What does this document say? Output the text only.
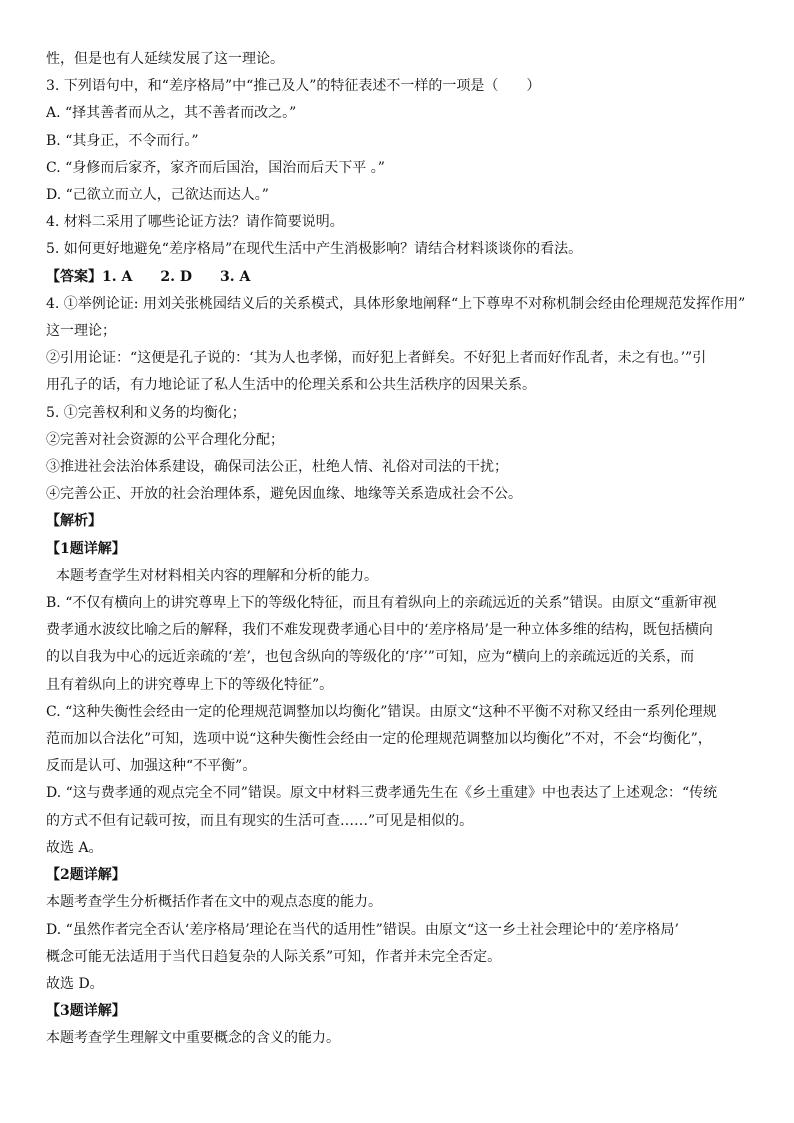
性，但是也有人延续发展了这一理论。

3. 下列语句中，和“差序格局”中“推己及人”的特征表述不一样的一项是（　　）

A. “择其善者而从之，其不善者而改之。”

B. “其身正，不令而行。”

C. “身修而后家齐，家齐而后国治，国治而后天下平 。”

D. “己欲立而立人，己欲达而达人。”

4. 材料二采用了哪些论证方法？请作简要说明。

5. 如何更好地避免“差序格局”在现代生活中产生消极影响？请结合材料谈谈你的看法。

【答案】1. A　　2. D　　3. A

4. ①举例论证: 用刘关张桃园结义后的关系模式，具体形象地阐释“上下尊卑不对称机制会经由伦理规范发挥作用”

这一理论；

②引用论证：“这便是孔子说的：‘其为人也孝悌，而好犯上者鲜矣。不好犯上者而好作乱者，未之有也。’”引

用孔子的话，有力地论证了私人生活中的伦理关系和公共生活秩序的因果关系。

5. ①完善权利和义务的均衡化；

②完善对社会资源的公平合理化分配；

③推进社会法治体系建设，确保司法公正，杜绝人情、礼俗对司法的干扰；

④完善公正、开放的社会治理体系，避免因血缘、地缘等关系造成社会不公。

【解析】

【1题详解】

本题考查学生对材料相关内容的理解和分析的能力。

B. “不仅有横向上的讲究尊卑上下的等级化特征，而且有着纵向上的亲疏远近的关系”错误。由原文“重新审视

费孝通水波纹比喻之后的解释，我们不难发现费孝通心目中的‘差序格局’是一种立体多维的结构，既包括横向

的以自我为中心的远近亲疏的‘差’，也包含纵向的等级化的‘序’”可知，应为“横向上的亲疏远近的关系，而

且有着纵向上的讲究尊卑上下的等级化特征”。

C. “这种失衡性会经由一定的伦理规范调整加以均衡化”错误。由原文“这种不平衡不对称又经由一系列伦理规

范而加以合法化”可知，选项中说“这种失衡性会经由一定的伦理规范调整加以均衡化”不对，不会“均衡化”，

反而是认可、加强这种“不平衡”。

D. “这与费孝通的观点完全不同”错误。原文中材料三费孝通先生在《乡土重建》中也表达了上述观念：“传统

的方式不但有记载可按，而且有现实的生活可查……”可见是相似的。

故选 A。

【2题详解】

本题考查学生分析概括作者在文中的观点态度的能力。

D. “虽然作者完全否认‘差序格局’理论在当代的适用性”错误。由原文“这一乡土社会理论中的‘差序格局’

概念可能无法适用于当代日趋复杂的人际关系”可知，作者并未完全否定。

故选 D。

【3题详解】

本题考查学生理解文中重要概念的含义的能力。
